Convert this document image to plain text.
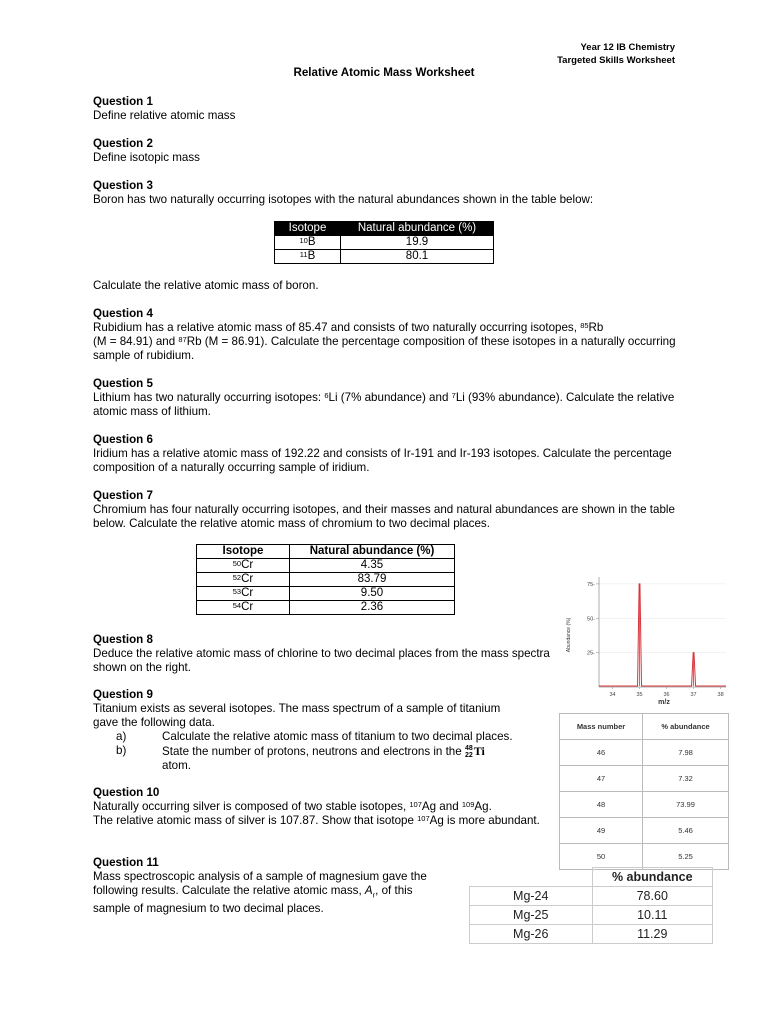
Year 12 IB Chemistry
Targeted Skills Worksheet
Relative Atomic Mass Worksheet
Question 1
Define relative atomic mass
Question 2
Define isotopic mass
Question 3
Boron has two naturally occurring isotopes with the natural abundances shown in the table below:
Isotope	Natural abundance (%)
$^{10}$B	19.9
$^{11}$B	80.1
Calculate the relative atomic mass of boron.
Question 4
Rubidium has a relative atomic mass of 85.47 and consists of two naturally occurring isotopes, $^{85}$Rb
(M = 84.91) and $^{87}$Rb (M = 86.91). Calculate the percentage composition of these isotopes in a naturally occurring sample of rubidium.
Question 5
Lithium has two naturally occurring isotopes: $^6$Li (7% abundance) and $^7$Li (93% abundance). Calculate the relative atomic mass of lithium.
Question 6
Iridium has a relative atomic mass of 192.22 and consists of Ir-191 and Ir-193 isotopes. Calculate the percentage composition of a naturally occurring sample of iridium.
Question 7
Chromium has four naturally occurring isotopes, and their masses and natural abundances are shown in the table below. Calculate the relative atomic mass of chromium to two decimal places.
Isotope	Natural abundance (%)
$^{50}$Cr	4.35
$^{52}$Cr	83.79
$^{53}$Cr	9.50
$^{54}$Cr	2.36
25-
50-
75-
34	35	36	37	38
Abundance (%)
m/z
Question 8
Deduce the relative atomic mass of chlorine to two decimal places from the mass spectra shown on the right.
Question 9
Titanium exists as several isotopes. The mass spectrum of a sample of titanium gave the following data.
a)	Calculate the relative atomic mass of titanium to two decimal places.
b)	State the number of protons, neutrons and electrons in the 48
22Ti
atom.
Mass number	% abundance
46	7.98
47	7.32
48	73.99
49	5.46
50	5.25
Question 10
Naturally occurring silver is composed of two stable isotopes, $^{107}$Ag and $^{109}$Ag.
The relative atomic mass of silver is 107.87. Show that isotope $^{107}$Ag is more abundant.
Question 11
Mass spectroscopic analysis of a sample of magnesium gave the following results. Calculate the relative atomic mass, $A_r$, of this sample of magnesium to two decimal places.
	% abundance
Mg-24	78.60
Mg-25	10.11
Mg-26	11.29
